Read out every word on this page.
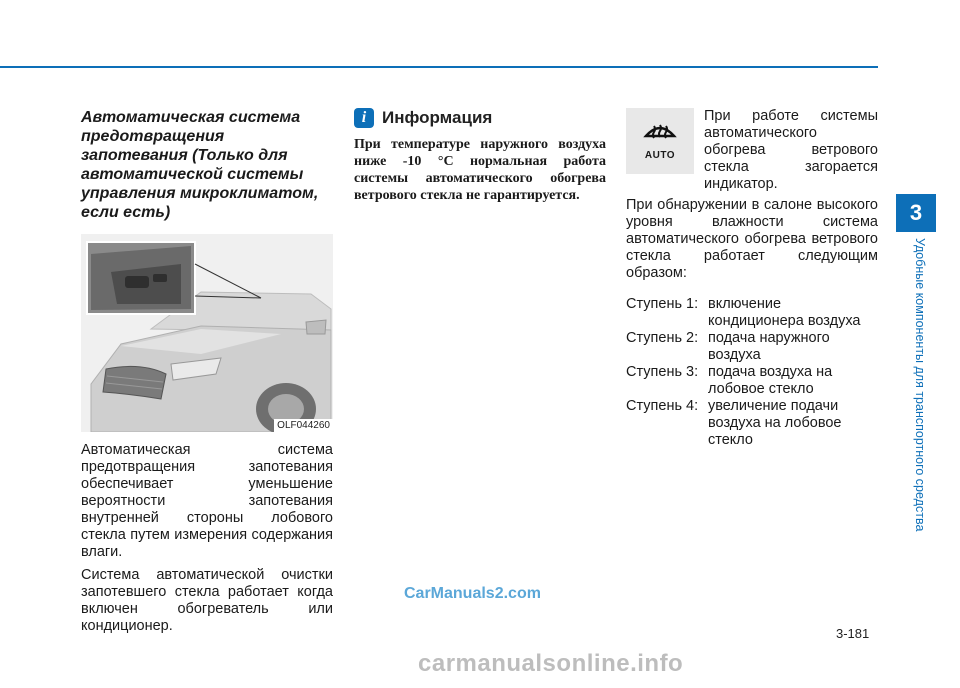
Автоматическая система предотвращения запотевания (Только для автоматической системы управления микроклиматом, если есть)
OLF044260

Автоматическая система предотвращения запотевания обеспечивает уменьшение вероятности запотевания внутренней стороны лобового стекла путем измерения содержания влаги.

Система автоматической очистки запотевшего стекла работает когда включен обогреватель или кондиционер.

i Информация

При температуре наружного воздуха ниже -10 °C нормальная работа системы автоматического обогрева ветрового стекла не гарантируется.

AUTO

При работе системы автоматического обогрева ветрового стекла загорается индикатор.

При обнаружении в салоне высокого уровня влажности система автоматического обогрева ветрового стекла работает следующим образом:

Ступень 1: включение кондиционера воздуха
Ступень 2: подача наружного воздуха
Ступень 3: подача воздуха на лобовое стекло
Ступень 4: увеличение подачи воздуха на лобовое стекло
3
Удобные компоненты для транспортного средства
3-181
CarManuals2.com
carmanualsonline.info
